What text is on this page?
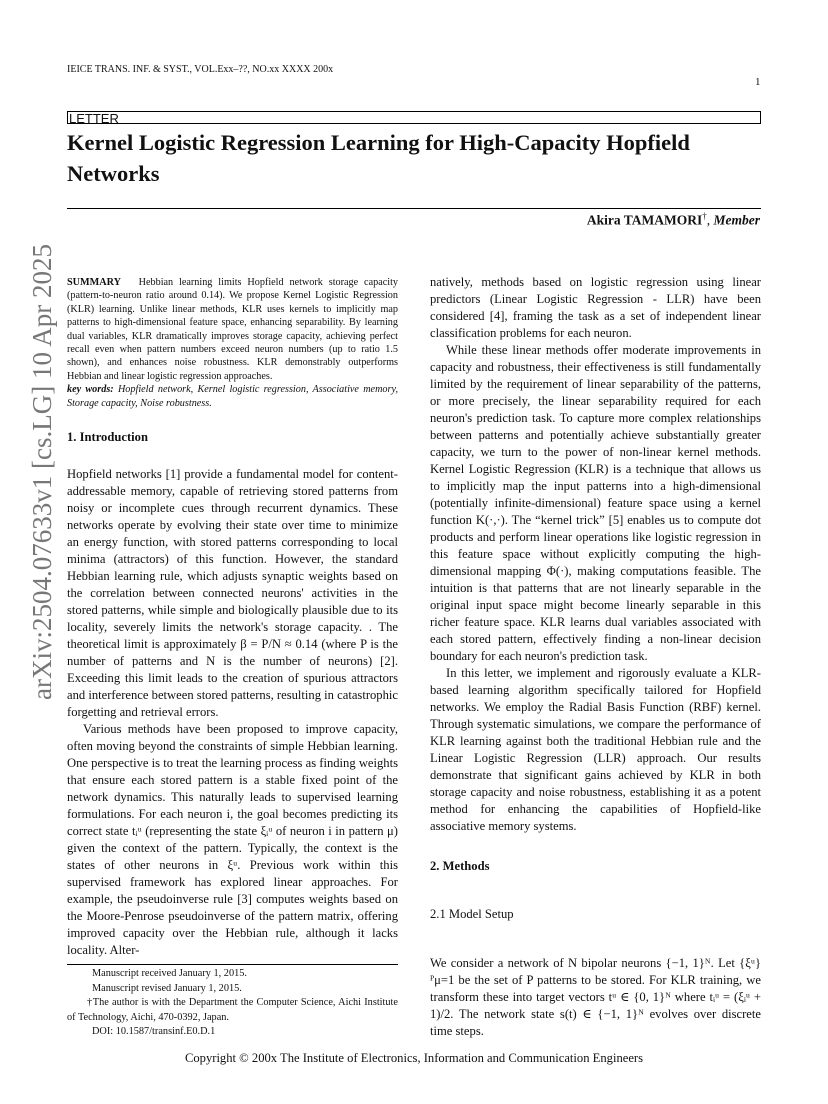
IEICE TRANS. INF. & SYST., VOL.Exx–??, NO.xx XXXX 200x
1
LETTER
Kernel Logistic Regression Learning for High-Capacity Hopfield Networks
Akira TAMAMORI†, Member
arXiv:2504.07633v1 [cs.LG] 10 Apr 2025 SUMMARY Hebbian learning limits Hopfield network storage capacity (pattern-to-neuron ratio around 0.14). We propose Kernel Logistic Regression (KLR) learning. Unlike linear methods, KLR uses kernels to implicitly map patterns to high-dimensional feature space, enhancing separability. By learning dual variables, KLR dramatically improves storage capacity, achieving perfect recall even when pattern numbers exceed neuron numbers (up to ratio 1.5 shown), and enhances noise robustness. KLR demonstrably outperforms Hebbian and linear logistic regression approaches.

key words: Hopfield network, Kernel logistic regression, Associative memory, Storage capacity, Noise robustness.

1. Introduction

Hopfield networks [1] provide a fundamental model for content-addressable memory, capable of retrieving stored patterns from noisy or incomplete cues through recurrent dynamics. These networks operate by evolving their state over time to minimize an energy function, with stored patterns corresponding to local minima (attractors) of this function. However, the standard Hebbian learning rule, which adjusts synaptic weights based on the correlation between connected neurons' activities in the stored patterns, while simple and biologically plausible due to its locality, severely limits the network's storage capacity. . The theoretical limit is approximately β = P/N ≈ 0.14 (where P is the number of patterns and N is the number of neurons) [2]. Exceeding this limit leads to the creation of spurious attractors and interference between stored patterns, resulting in catastrophic forgetting and retrieval errors.

Various methods have been proposed to improve capacity, often moving beyond the constraints of simple Hebbian learning. One perspective is to treat the learning process as finding weights that ensure each stored pattern is a stable fixed point of the network dynamics. This naturally leads to supervised learning formulations. For each neuron i, the goal becomes predicting its correct state tᵢᵘ (representing the state ξᵢᵘ of neuron i in pattern μ) given the context of the pattern. Typically, the context is the states of other neurons in ξᵘ. Previous work within this supervised framework has explored linear approaches. For example, the pseudoinverse rule [3] computes weights based on the Moore-Penrose pseudoinverse of the pattern matrix, offering improved capacity over the Hebbian rule, although it lacks locality. Alter-

Manuscript received January 1, 2015.
Manuscript revised January 1, 2015.
†The author is with the Department the Computer Science, Aichi Institute of Technology, Aichi, 470-0392, Japan.
DOI: 10.1587/transinf.E0.D.1

natively, methods based on logistic regression using linear predictors (Linear Logistic Regression - LLR) have been considered [4], framing the task as a set of independent linear classification problems for each neuron.

While these linear methods offer moderate improvements in capacity and robustness, their effectiveness is still fundamentally limited by the requirement of linear separability of the patterns, or more precisely, the linear separability required for each neuron's prediction task. To capture more complex relationships between patterns and potentially achieve substantially greater capacity, we turn to the power of non-linear kernel methods. Kernel Logistic Regression (KLR) is a technique that allows us to implicitly map the input patterns into a high-dimensional (potentially infinite-dimensional) feature space using a kernel function K(·,·). The “kernel trick” [5] enables us to compute dot products and perform linear operations like logistic regression in this feature space without explicitly computing the high-dimensional mapping Φ(·), making computations feasible. The intuition is that patterns that are not linearly separable in the original input space might become linearly separable in this richer feature space. KLR learns dual variables associated with each stored pattern, effectively finding a non-linear decision boundary for each neuron's prediction task.

In this letter, we implement and rigorously evaluate a KLR-based learning algorithm specifically tailored for Hopfield networks. We employ the Radial Basis Function (RBF) kernel. Through systematic simulations, we compare the performance of KLR learning against both the traditional Hebbian rule and the Linear Logistic Regression (LLR) approach. Our results demonstrate that significant gains achieved by KLR in both storage capacity and noise robustness, establishing it as a potent method for enhancing the capabilities of Hopfield-like associative memory systems.

2. Methods
2.1 Model Setup

We consider a network of N bipolar neurons {−1, 1}ᴺ. Let {ξᵘ}ᴾμ=1 be the set of P patterns to be stored. For KLR training, we transform these into target vectors tᵘ ∈ {0, 1}ᴺ where tᵢᵘ = (ξᵢᵘ + 1)/2. The network state s(t) ∈ {−1, 1}ᴺ evolves over discrete time steps.

Copyright © 200x The Institute of Electronics, Information and Communication Engineers
